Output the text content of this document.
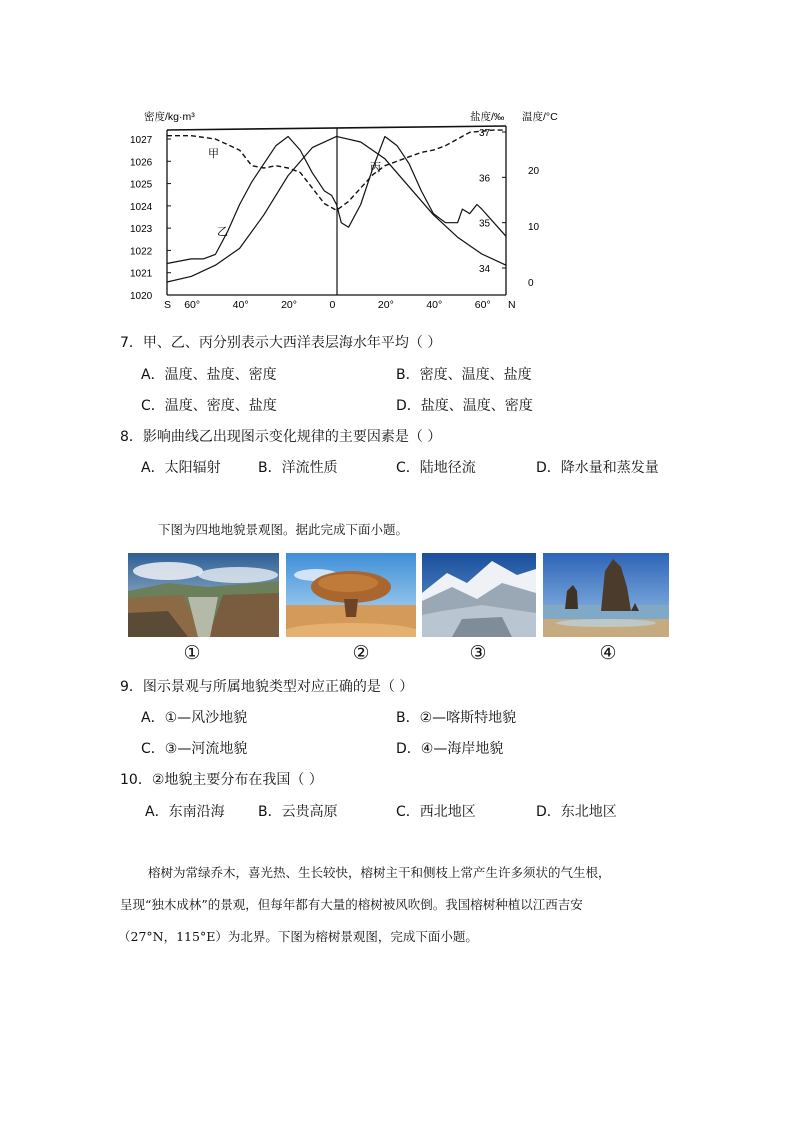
密度/kg·m³	盐度/‰ 温度/°C
1027
1026
1025
1024
1023
1022
1021
1020
37
36
35
34
20
10
0
S 60°	40°	20°	0	20°	40°	60° N
甲
乙
丙
7．甲、乙、丙分别表示大西洋表层海水年平均（ ）
A．温度、盐度、密度	B．密度、温度、盐度
C．温度、密度、盐度	D．盐度、温度、密度
8．影响曲线乙出现图示变化规律的主要因素是（ ）
A．太阳辐射	B．洋流性质	C．陆地径流	D．降水量和蒸发量
下图为四地地貌景观图。据此完成下面小题。
①	②	③	④
9．图示景观与所属地貌类型对应正确的是（ ）
A．①—风沙地貌	B．②—喀斯特地貌
C．③—河流地貌	D．④—海岸地貌
10．②地貌主要分布在我国（ ）
A．东南沿海 B．云贵高原	C．西北地区	D．东北地区
榕树为常绿乔木，喜光热、生长较快，榕树主干和侧枝上常产生许多须状的气生根，
呈现“独木成林”的景观，但每年都有大量的榕树被风吹倒。我国榕树种植以江西吉安
（27°N，115°E）为北界。下图为榕树景观图，完成下面小题。
